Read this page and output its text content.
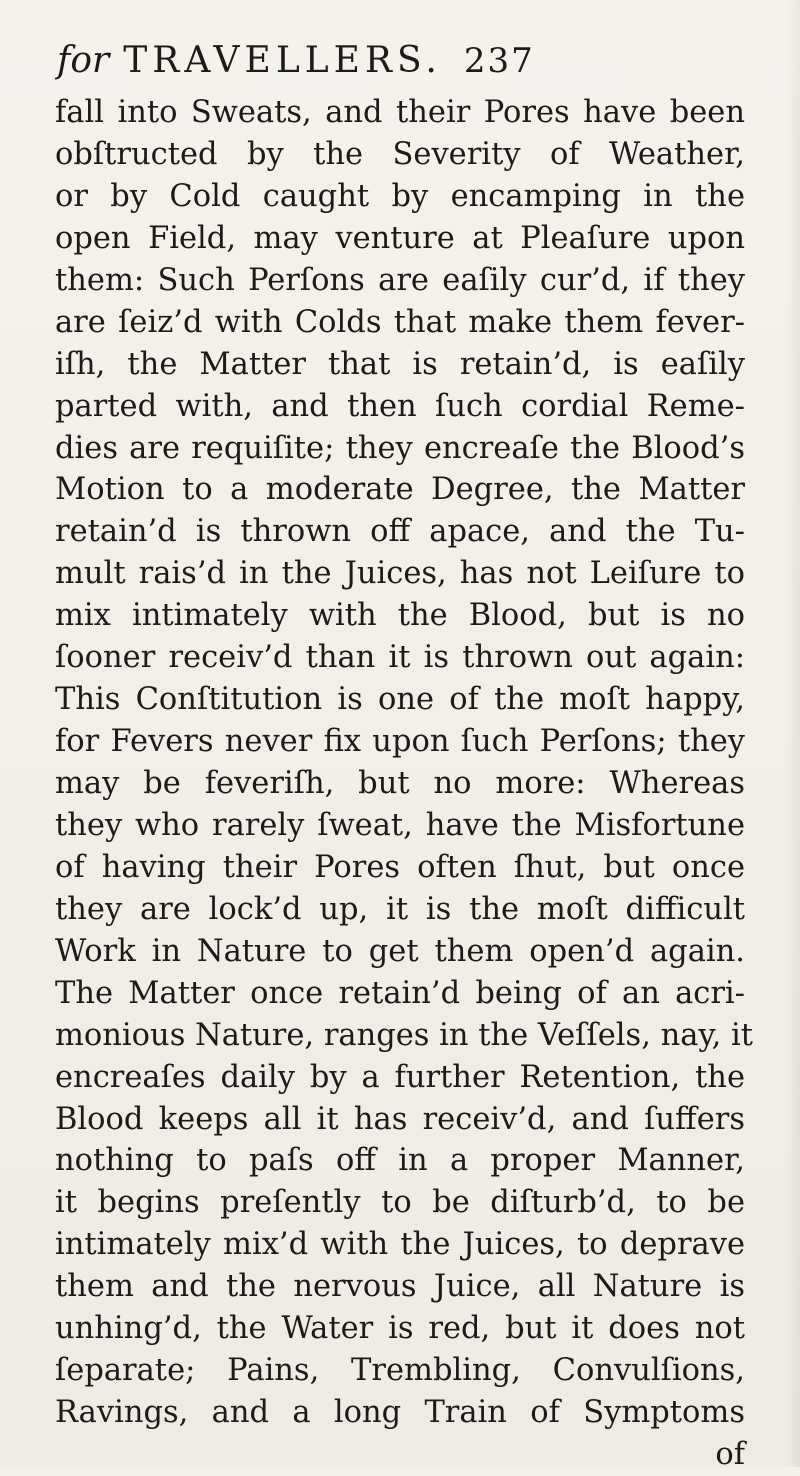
for TRAVELLERS. 237
fall into Sweats, and their Pores have been
obſtructed by the Severity of Weather,
or by Cold caught by encamping in the
open Field, may venture at Pleaſure upon
them: Such Perſons are eaſily cur’d, if they
are ſeiz’d with Colds that make them fever-
iſh, the Matter that is retain’d, is eaſily
parted with, and then ſuch cordial Reme-
dies are requiſite; they encreaſe the Blood’s
Motion to a moderate Degree, the Matter
retain’d is thrown off apace, and the Tu-
mult rais’d in the Juices, has not Leiſure to
mix intimately with the Blood, but is no
ſooner receiv’d than it is thrown out again:
This Conſtitution is one of the moſt happy,
for Fevers never fix upon ſuch Perſons; they
may be feveriſh, but no more: Whereas
they who rarely ſweat, have the Misfortune
of having their Pores often ſhut, but once
they are lock’d up, it is the moſt difficult
Work in Nature to get them open’d again.
The Matter once retain’d being of an acri-
monious Nature, ranges in the Veſſels, nay, it
encreaſes daily by a further Retention, the
Blood keeps all it has receiv’d, and ſuffers
nothing to paſs off in a proper Manner,
it begins preſently to be diſturb’d, to be
intimately mix’d with the Juices, to deprave
them and the nervous Juice, all Nature is
unhing’d, the Water is red, but it does not
ſeparate; Pains, Trembling, Convulſions,
Ravings, and a long Train of Symptoms
of
